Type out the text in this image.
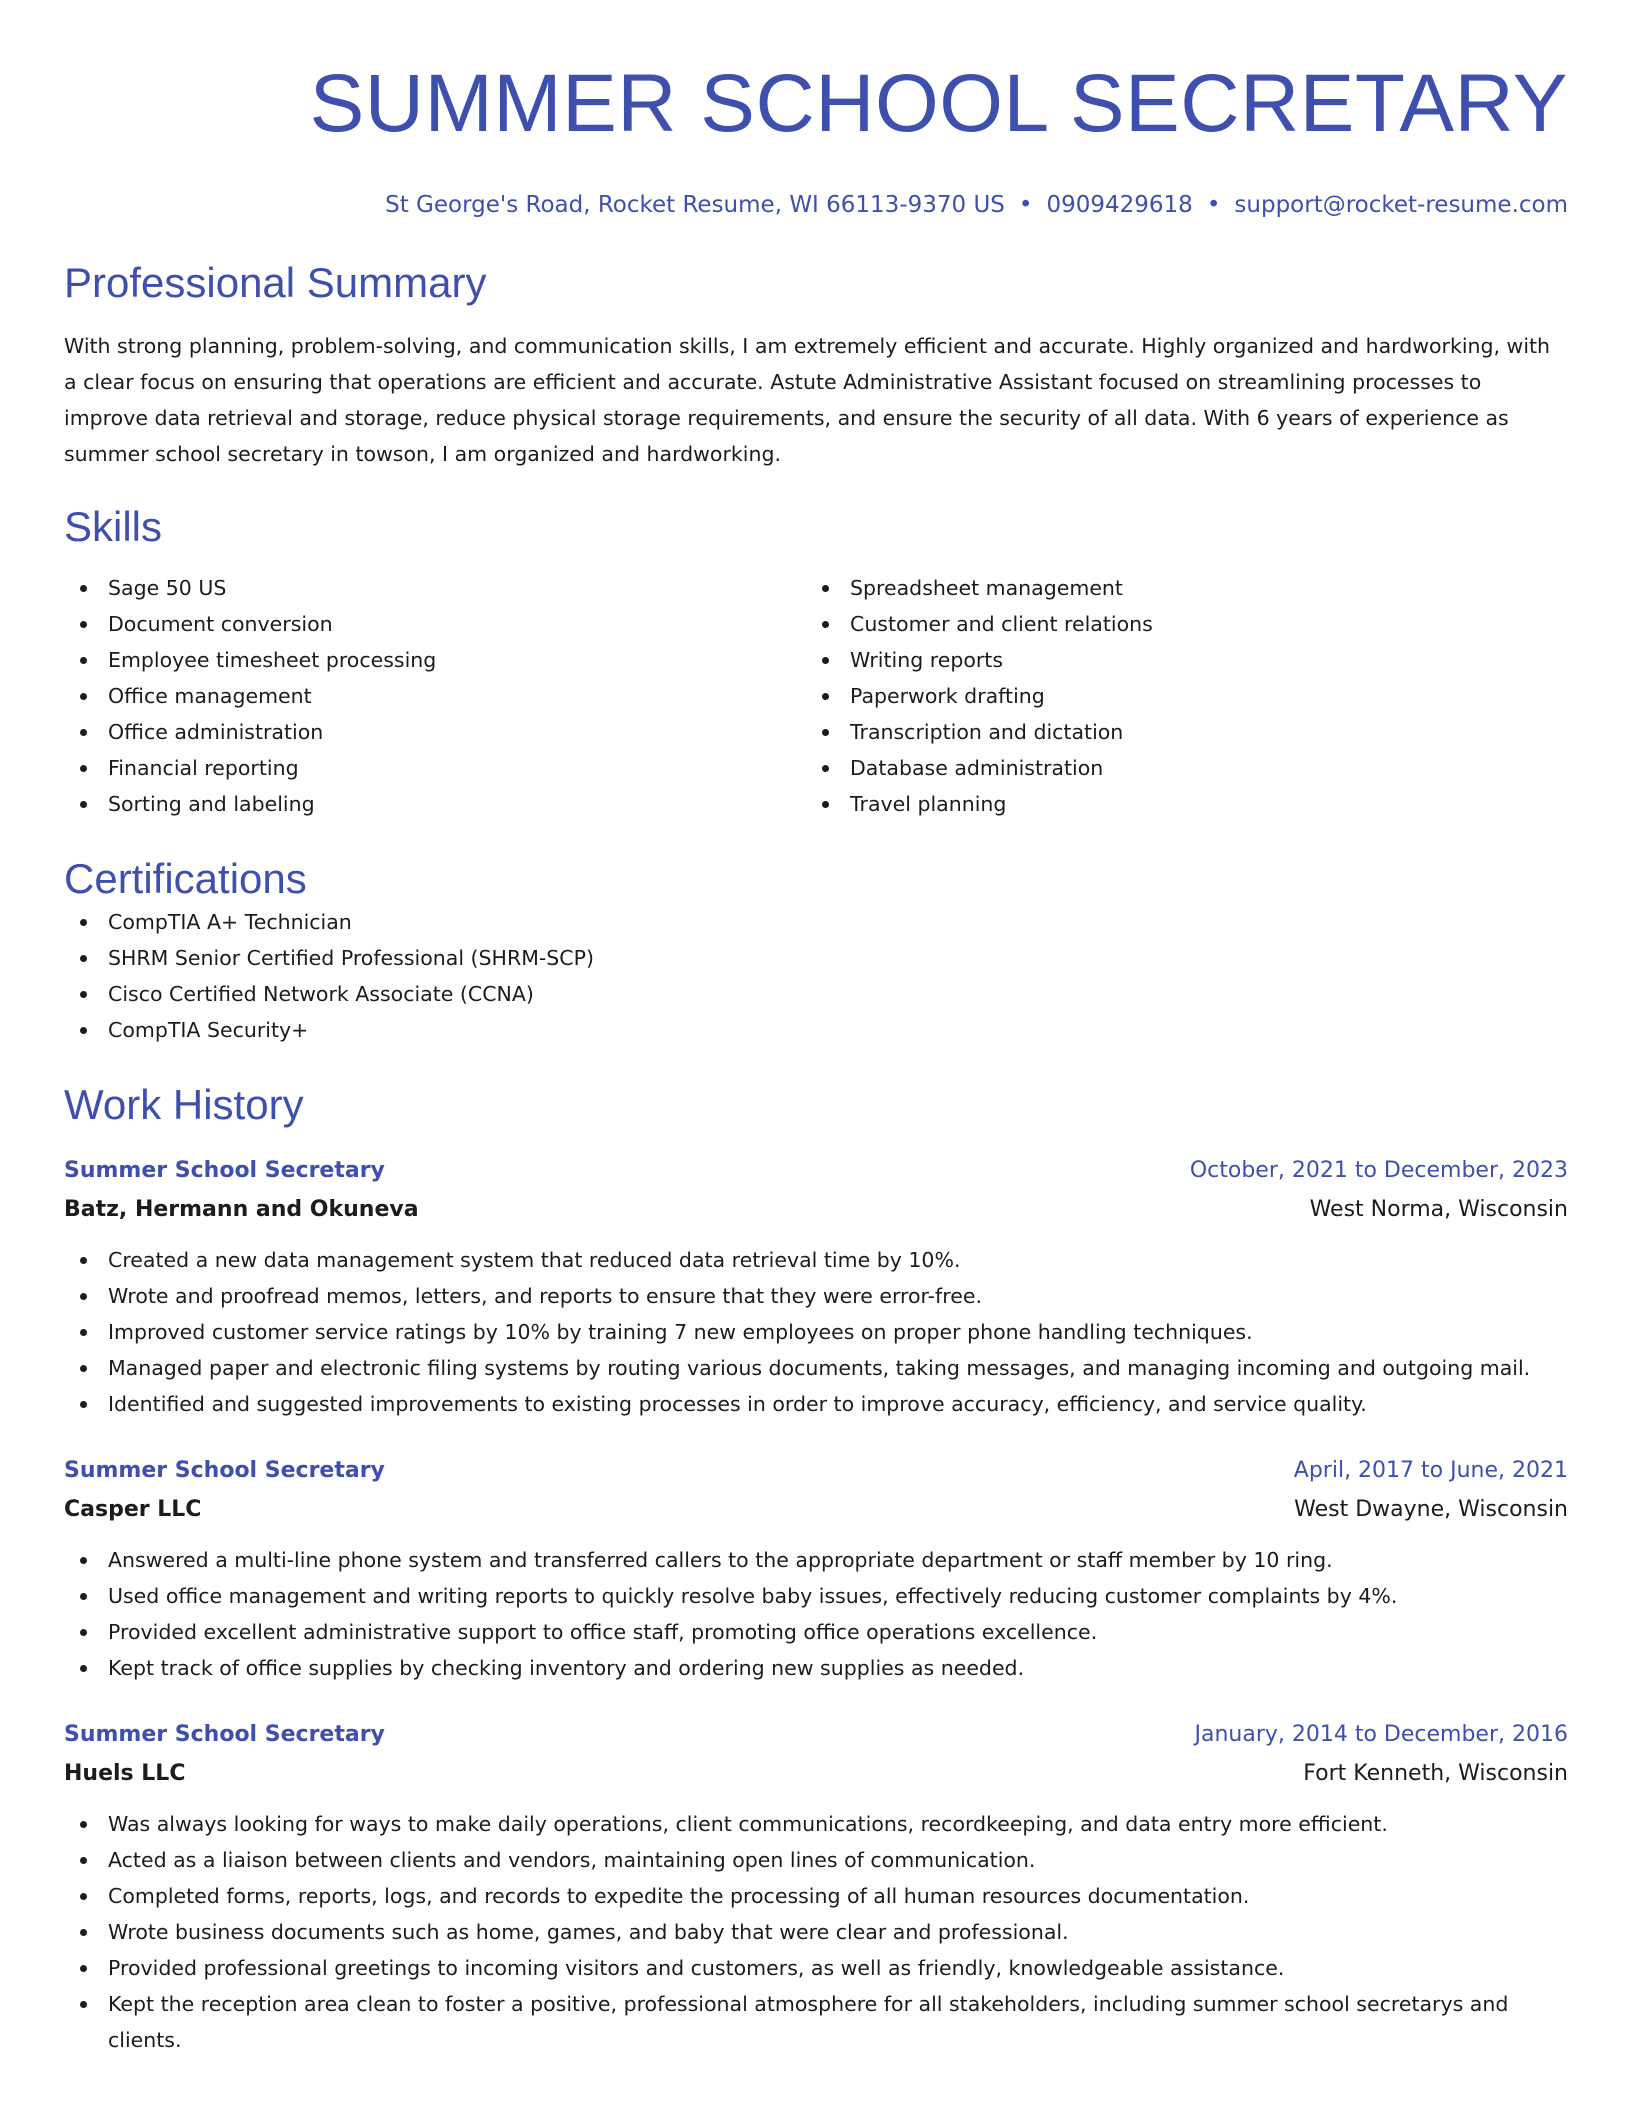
SUMMER SCHOOL SECRETARY
St George's Road, Rocket Resume, WI 66113-9370 US • 0909429618 • support@rocket-resume.com
Professional Summary
With strong planning, problem-solving, and communication skills, I am extremely efficient and accurate. Highly organized and hardworking, with a clear focus on ensuring that operations are efficient and accurate. Astute Administrative Assistant focused on streamlining processes to improve data retrieval and storage, reduce physical storage requirements, and ensure the security of all data. With 6 years of experience as summer school secretary in towson, I am organized and hardworking.
Skills
Sage 50 US
Document conversion
Employee timesheet processing
Office management
Office administration
Financial reporting
Sorting and labeling
Spreadsheet management
Customer and client relations
Writing reports
Paperwork drafting
Transcription and dictation
Database administration
Travel planning
Certifications
CompTIA A+ Technician
SHRM Senior Certified Professional (SHRM-SCP)
Cisco Certified Network Associate (CCNA)
CompTIA Security+
Work History
Summer School Secretary	October, 2021 to December, 2023
Batz, Hermann and Okuneva	West Norma, Wisconsin
Created a new data management system that reduced data retrieval time by 10%.
Wrote and proofread memos, letters, and reports to ensure that they were error-free.
Improved customer service ratings by 10% by training 7 new employees on proper phone handling techniques.
Managed paper and electronic filing systems by routing various documents, taking messages, and managing incoming and outgoing mail.
Identified and suggested improvements to existing processes in order to improve accuracy, efficiency, and service quality.
Summer School Secretary	April, 2017 to June, 2021
Casper LLC	West Dwayne, Wisconsin
Answered a multi-line phone system and transferred callers to the appropriate department or staff member by 10 ring.
Used office management and writing reports to quickly resolve baby issues, effectively reducing customer complaints by 4%.
Provided excellent administrative support to office staff, promoting office operations excellence.
Kept track of office supplies by checking inventory and ordering new supplies as needed.
Summer School Secretary	January, 2014 to December, 2016
Huels LLC	Fort Kenneth, Wisconsin
Was always looking for ways to make daily operations, client communications, recordkeeping, and data entry more efficient.
Acted as a liaison between clients and vendors, maintaining open lines of communication.
Completed forms, reports, logs, and records to expedite the processing of all human resources documentation.
Wrote business documents such as home, games, and baby that were clear and professional.
Provided professional greetings to incoming visitors and customers, as well as friendly, knowledgeable assistance.
Kept the reception area clean to foster a positive, professional atmosphere for all stakeholders, including summer school secretarys and clients.
